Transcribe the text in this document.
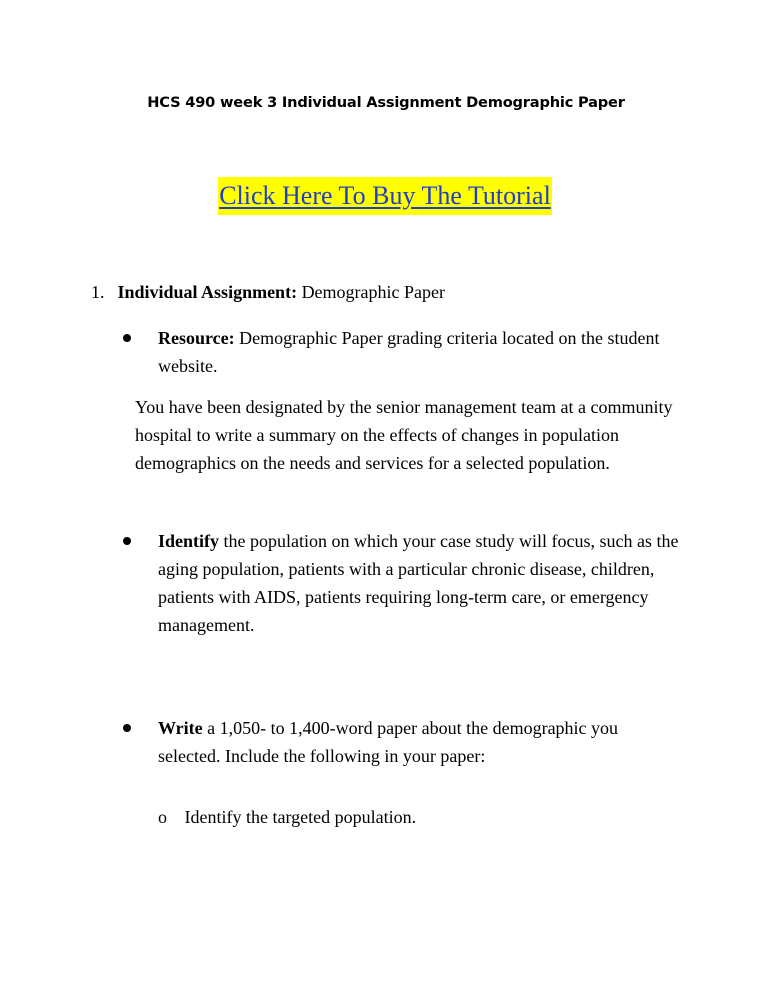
HCS 490 week 3 Individual Assignment Demographic Paper
Click Here To Buy The Tutorial
1. Individual Assignment: Demographic Paper
Resource: Demographic Paper grading criteria located on the student website.
You have been designated by the senior management team at a community hospital to write a summary on the effects of changes in population demographics on the needs and services for a selected population.
Identify the population on which your case study will focus, such as the aging population, patients with a particular chronic disease, children, patients with AIDS, patients requiring long-term care, or emergency management.
Write a 1,050- to 1,400-word paper about the demographic you selected. Include the following in your paper:
o Identify the targeted population.
